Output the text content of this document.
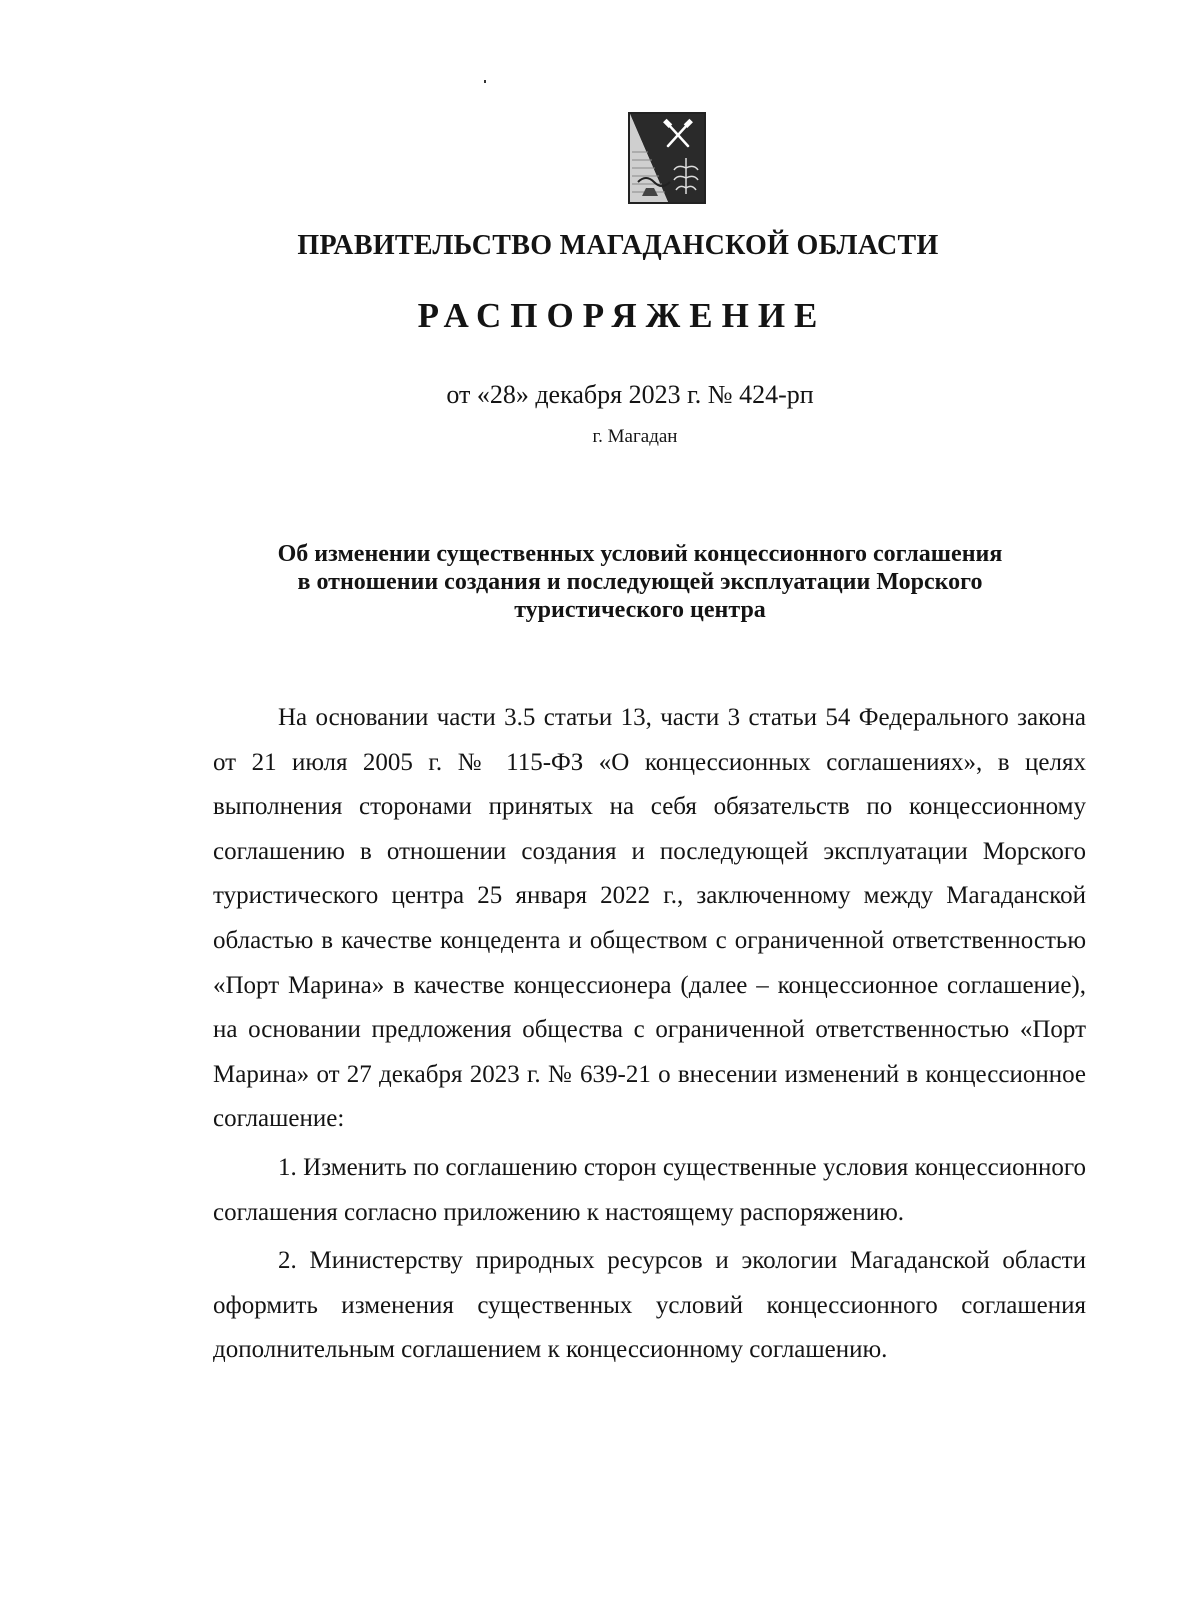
ПРАВИТЕЛЬСТВО МАГАДАНСКОЙ ОБЛАСТИ
РАСПОРЯЖЕНИЕ
от «28» декабря 2023 г. № 424-рп
г. Магадан
Об изменении существенных условий концессионного соглашения
в отношении создания и последующей эксплуатации Морского
туристического центра

На основании части 3.5 статьи 13, части 3 статьи 54 Федерального закона от 21 июля 2005 г. № 115-ФЗ «О концессионных соглашениях», в целях выполнения сторонами принятых на себя обязательств по концессионному соглашению в отношении создания и последующей эксплуатации Морского туристического центра 25 января 2022 г., заключенному между Магаданской областью в качестве концедента и обществом с ограниченной ответственностью «Порт Марина» в качестве концессионера (далее – концессионное соглашение), на основании предложения общества с ограниченной ответственностью «Порт Марина» от 27 декабря 2023 г. № 639-21 о внесении изменений в концессионное соглашение:

1. Изменить по соглашению сторон существенные условия концессионного соглашения согласно приложению к настоящему распоряжению.

2. Министерству природных ресурсов и экологии Магаданской области оформить изменения существенных условий концессионного соглашения дополнительным соглашением к концессионному соглашению.
